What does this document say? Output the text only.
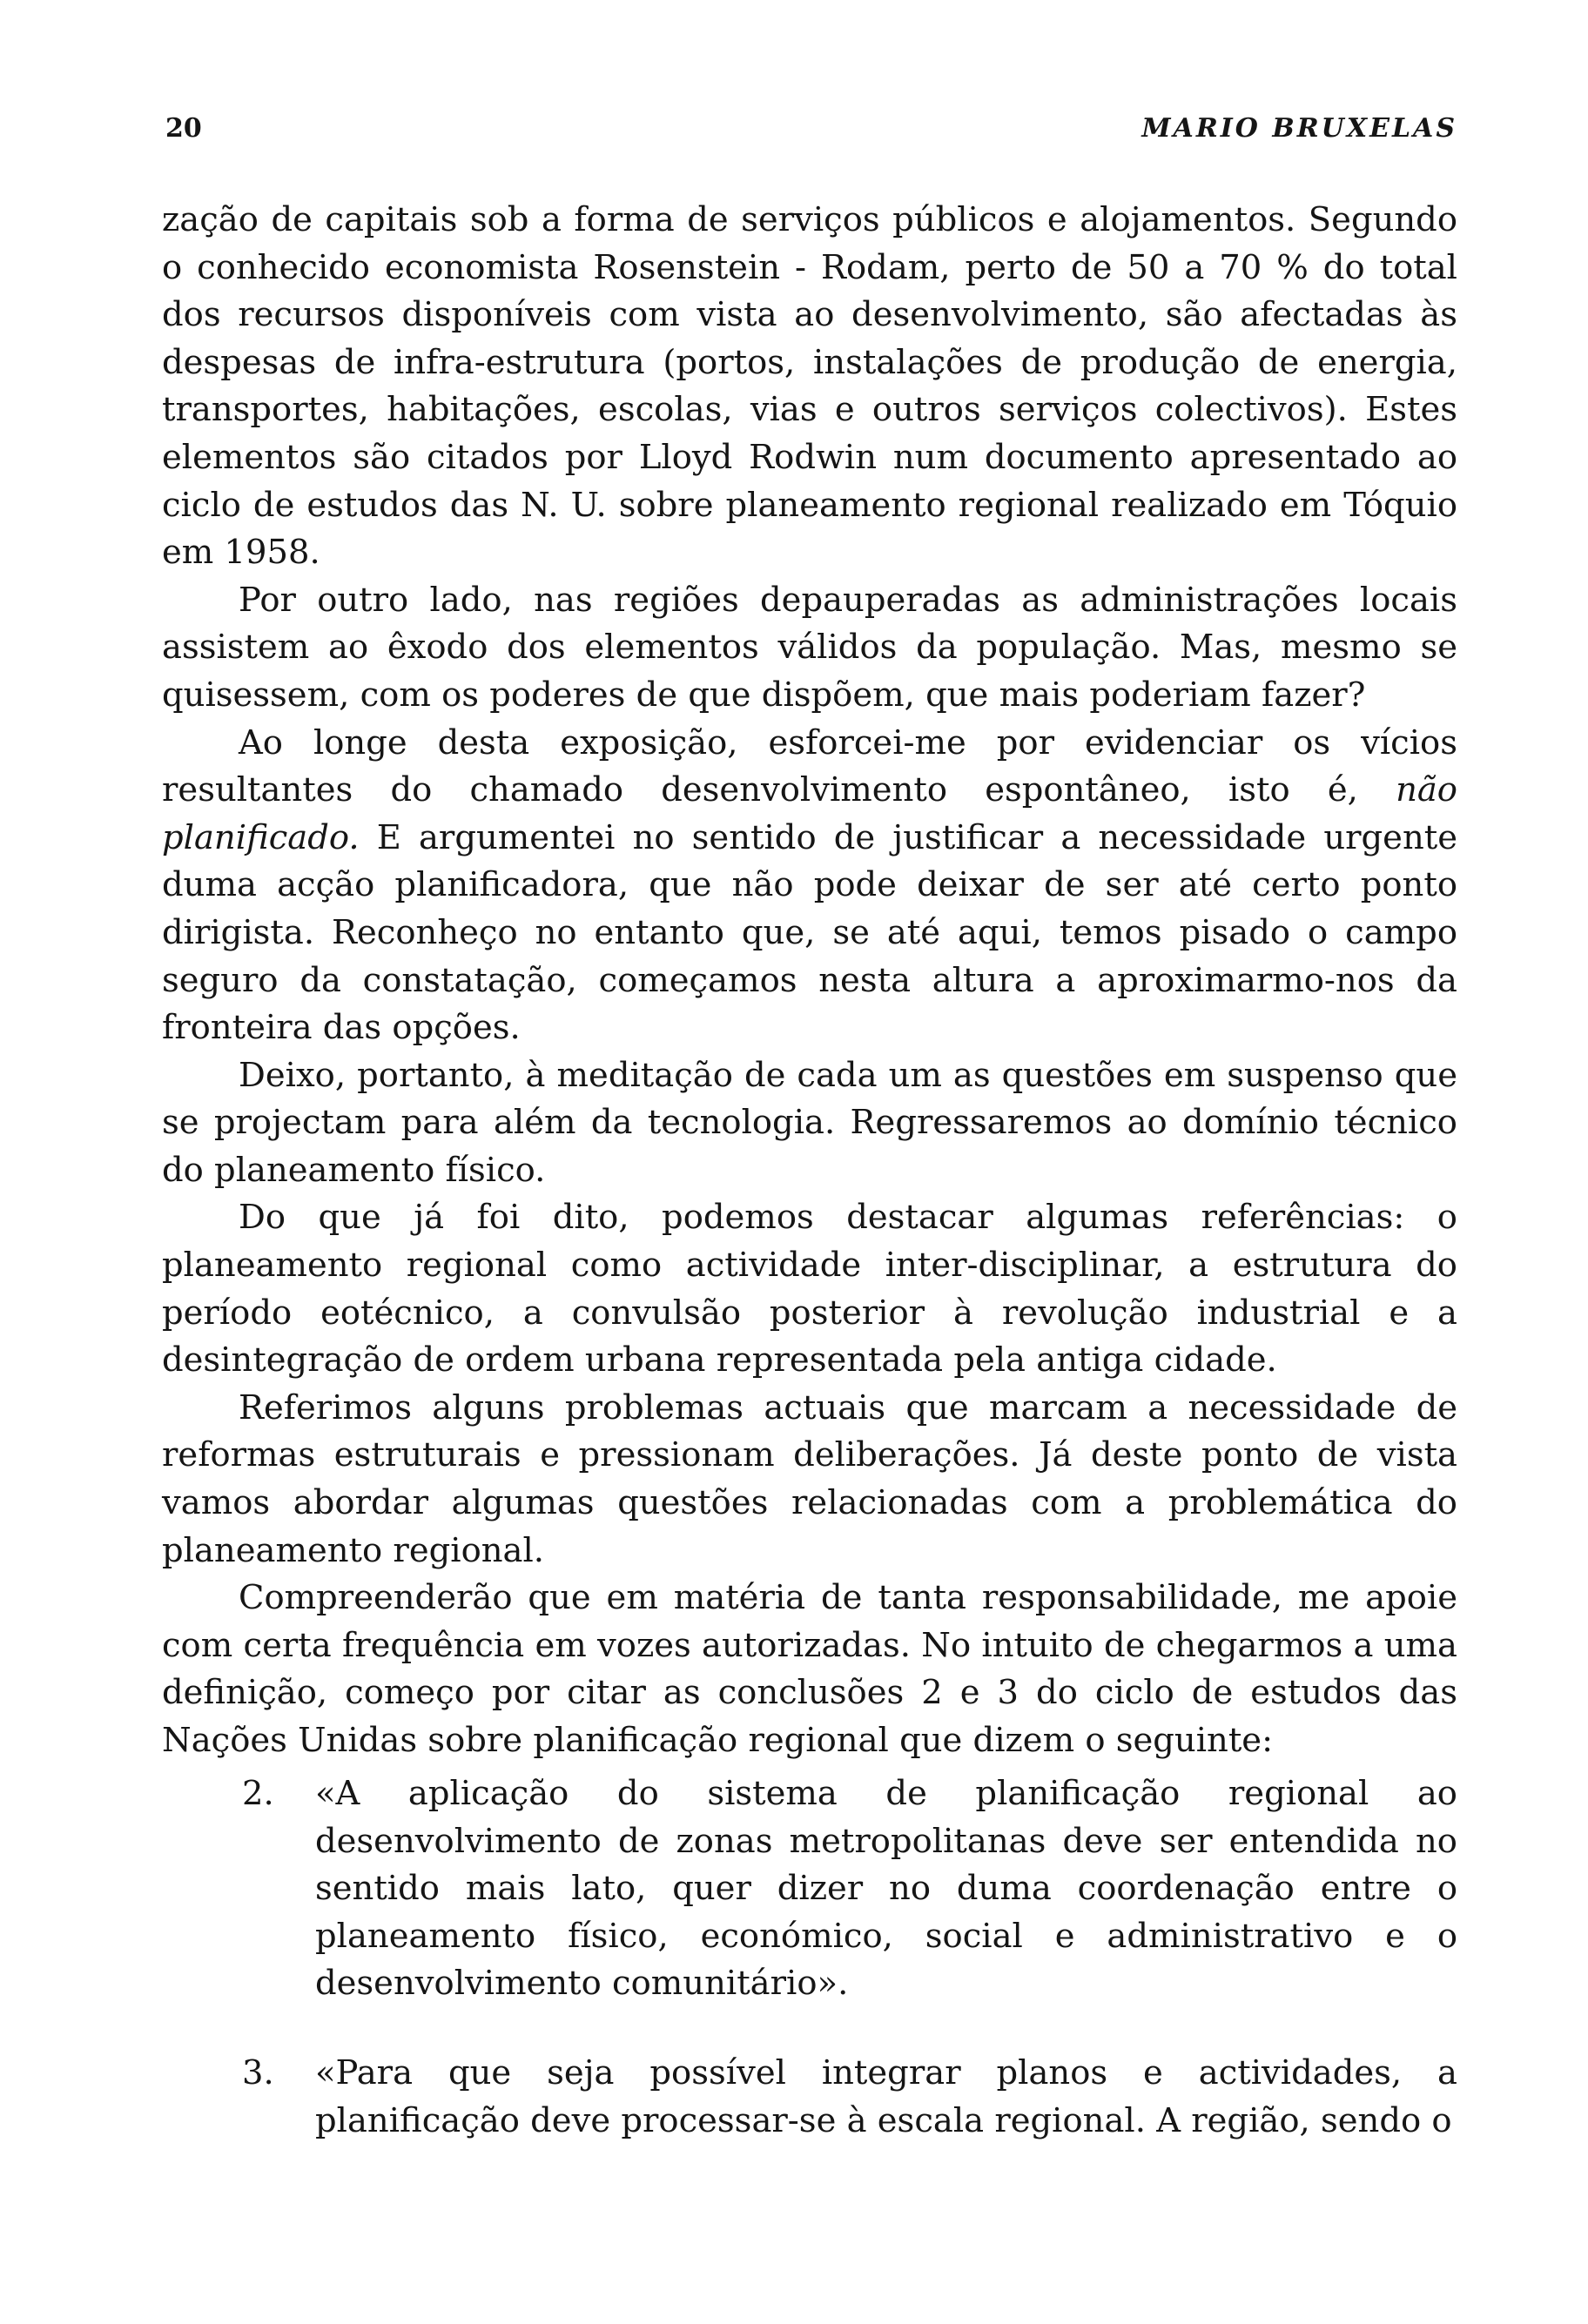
20	MARIO BRUXELAS

zação de capitais sob a forma de serviços públicos e alojamentos. Segundo o conhecido economista Rosenstein - Rodam, perto de 50 a 70 % do total dos recursos disponíveis com vista ao desenvolvimento, são afectadas às despesas de infra-estrutura (portos, instalações de produção de energia, transportes, habitações, escolas, vias e outros serviços colectivos). Estes elementos são citados por Lloyd Rodwin num documento apresentado ao ciclo de estudos das N. U. sobre planeamento regional realizado em Tóquio em 1958.

Por outro lado, nas regiões depauperadas as administrações locais assistem ao êxodo dos elementos válidos da população. Mas, mesmo se quisessem, com os poderes de que dispõem, que mais poderiam fazer?

Ao longe desta exposição, esforcei-me por evidenciar os vícios resultantes do chamado desenvolvimento espontâneo, isto é, não planificado. E argumentei no sentido de justificar a necessidade urgente duma acção planificadora, que não pode deixar de ser até certo ponto dirigista. Reconheço no entanto que, se até aqui, temos pisado o campo seguro da constatação, começamos nesta altura a aproximarmo-nos da fronteira das opções.

Deixo, portanto, à meditação de cada um as questões em suspenso que se projectam para além da tecnologia. Regressaremos ao domínio técnico do planeamento físico.

Do que já foi dito, podemos destacar algumas referências: o planeamento regional como actividade inter-disciplinar, a estrutura do período eotécnico, a convulsão posterior à revolução industrial e a desintegração de ordem urbana representada pela antiga cidade.

Referimos alguns problemas actuais que marcam a necessidade de reformas estruturais e pressionam deliberações. Já deste ponto de vista vamos abordar algumas questões relacionadas com a problemática do planeamento regional.

Compreenderão que em matéria de tanta responsabilidade, me apoie com certa frequência em vozes autorizadas. No intuito de chegarmos a uma definição, começo por citar as conclusões 2 e 3 do ciclo de estudos das Nações Unidas sobre planificação regional que dizem o seguinte:

2. «A aplicação do sistema de planificação regional ao desenvolvimento de zonas metropolitanas deve ser entendida no sentido mais lato, quer dizer no duma coordenação entre o planeamento físico, económico, social e administrativo e o desenvolvimento comunitário».
3. «Para que seja possível integrar planos e actividades, a planificação deve processar-se à escala regional. A região, sendo o
